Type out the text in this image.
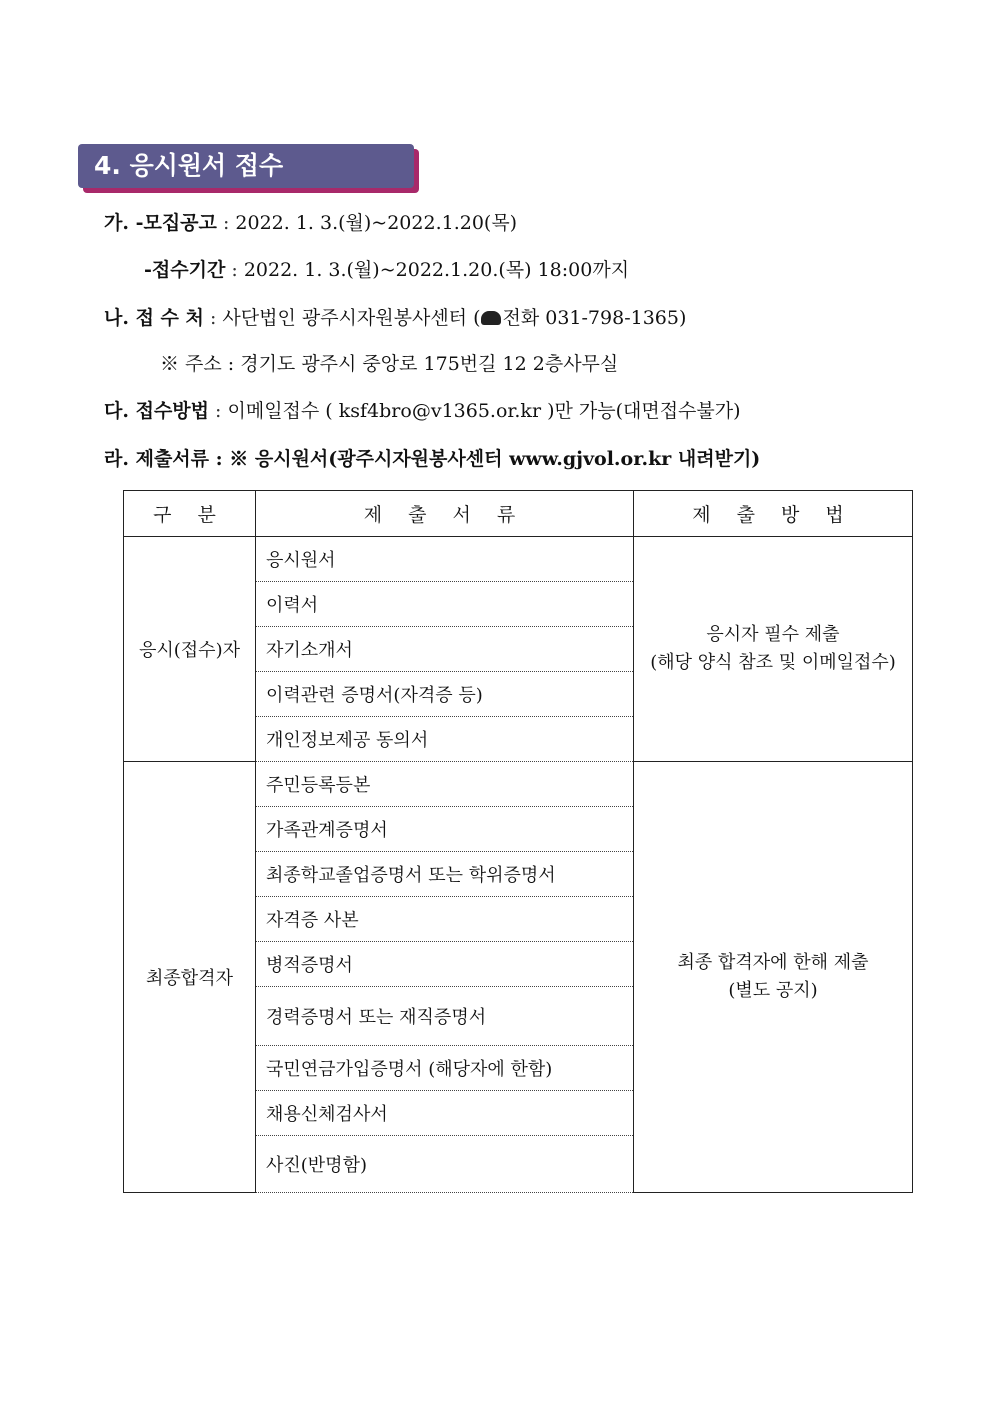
4. 응시원서 접수
가. -모집공고 : 2022. 1. 3.(월)~2022.1.20(목)
-접수기간 : 2022. 1. 3.(월)~2022.1.20.(목) 18:00까지
나. 접 수 처 : 사단법인 광주시자원봉사센터 ( 전화 031-798-1365)
※ 주소 : 경기도 광주시 중앙로 175번길 12 2층사무실
다. 접수방법 : 이메일접수 ( ksf4bro@v1365.or.kr )만 가능(대면접수불가)
라. 제출서류 : ※ 응시원서(광주시자원봉사센터 www.gjvol.or.kr 내려받기)
구 분	제 출 서 류	제 출 방 법
응시(접수)자	응시원서	응시자 필수 제출
(해당 양식 참조 및 이메일접수)

	이력서	
	자기소개서	
	이력관련 증명서(자격증 등)	
	개인정보제공 동의서	
최종합격자	주민등록등본	최종 합격자에 한해 제출
(별도 공지)

	가족관계증명서	
	최종학교졸업증명서 또는 학위증명서	
	자격증 사본	
	병적증명서	
	경력증명서 또는 재직증명서	
	국민연금가입증명서 (해당자에 한함)	
	채용신체검사서	
	사진(반명함)	
